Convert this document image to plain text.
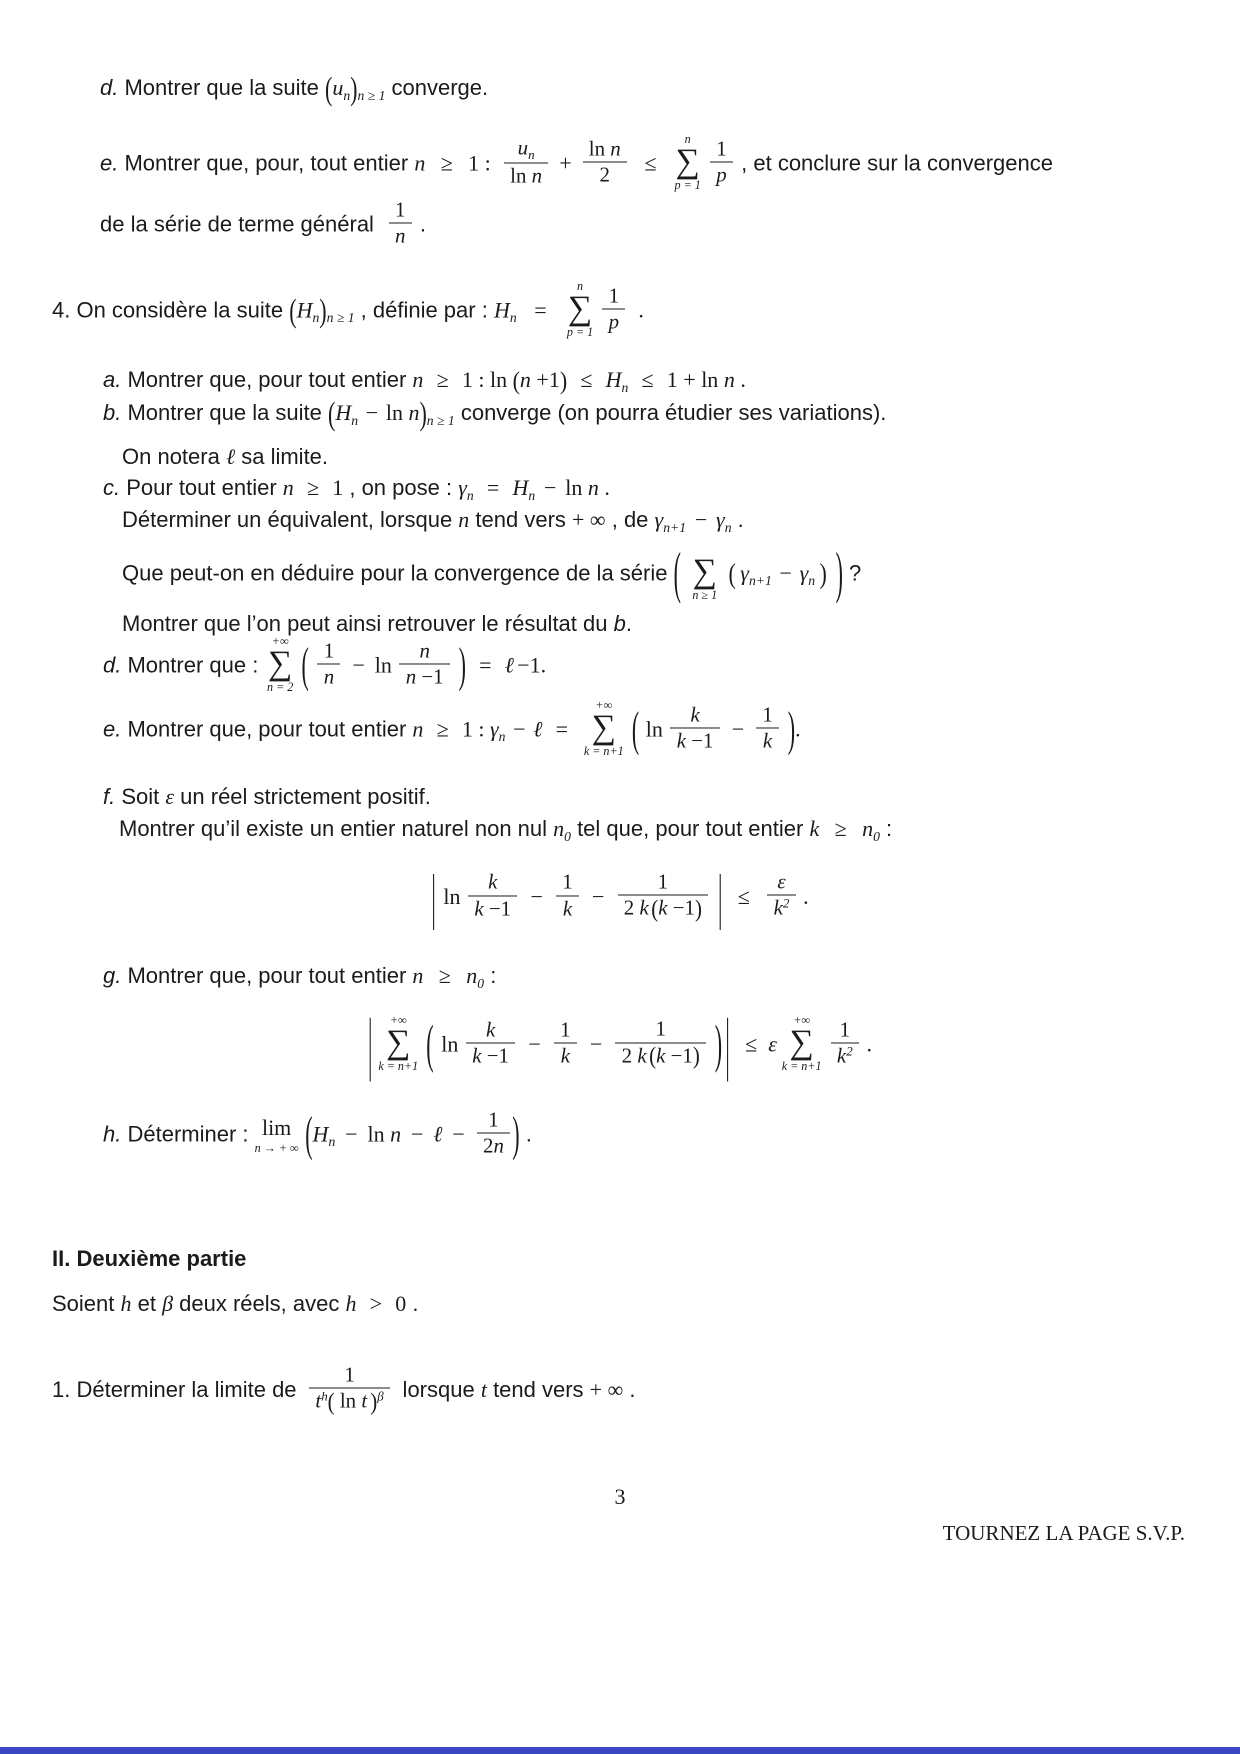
d. Montrer que la suite $(u_n)_{n \ge 1}$ converge.
e. Montrer que, pour, tout entier n ≥ 1 : $\frac{u_n}{\text{ln n}} + \frac{\text{ln n}}{2}$ ≤
n
∑
$p = 1 \frac{1}{p}$ , et conclure sur la convergence
de la série de terme général $\frac{1}{n}$ .
4. On considère la suite $(H_n)_{n \ge 1}$ , définie par : $H_n$ =
n
∑
$p = 1 \frac{1}{p}$ .
a. Montrer que, pour tout entier n ≥ 1 : $\ln (n +1) \le H_n \le 1 + \ln n$ .
b. Montrer que la suite $(H_n - \ln n)_{n \ge 1}$ converge (on pourra étudier ses variations).
On notera ℓ sa limite.
c. Pour tout entier n ≥ 1 , on pose : $\gamma_n = H_n - \ln n$ .
Déterminer un équivalent, lorsque n tend vers + ∞ , de $\gamma_{n+1} - \gamma_n$ .
Que peut-on en déduire pour la convergence de la série (
∑
n ≥ 1
( $\gamma_{n+1} - \gamma_n$ ) ) ?
Montrer que l’on peut ainsi retrouver le résultat du b.
d. Montrer que :
+∞
∑
n = 2 ( $\frac{1}{n} - \ln \frac{n}{n -1}$ ) = ℓ −1.
e. Montrer que, pour tout entier n ≥ 1 : $\gamma_n$ − ℓ =
+∞
∑
k = n+1 ( $\ln \frac{k}{k -1} - \frac{1}{k}$ ).
f. Soit ε un réel strictement positif.
Montrer qu’il existe un entier naturel non nul $n_0$ tel que, pour tout entier $k \ge n_0$ :
| $\ln \frac{k}{k -1} - \frac{1}{k} - \frac{1}{2 k (k -1)}$ | ≤ $\frac{\varepsilon}{k^2}$ .
g. Montrer que, pour tout entier $n \ge n_0$ :
| +∞
∑
k = n+1 ( $\ln \frac{k}{k -1} - \frac{1}{k} - \frac{1}{2 k (k -1)}$ ) | ≤ ε
+∞
∑
$k = n+1 \frac{1}{k^2}$ .
h. Déterminer : lim
n → + ∞ ($H_n - \ln n$ − ℓ − $\frac{1}{2n}$ ) .
II. Deuxième partie
Soient h et β deux réels, avec h > 0 .
1. Déterminer la limite de $\frac{1}{t^h( \ln t )^\beta}$ lorsque t tend vers + ∞ .
3
TOURNEZ LA PAGE S.V.P.
